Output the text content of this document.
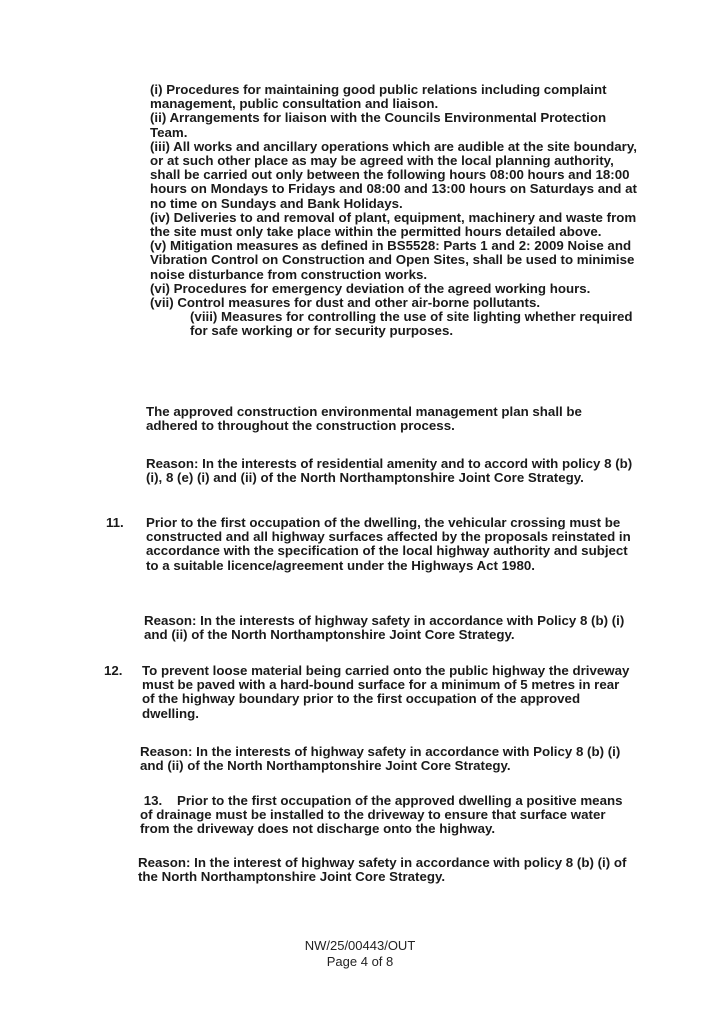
(i) Procedures for maintaining good public relations including complaint management, public consultation and liaison.

(ii) Arrangements for liaison with the Councils Environmental Protection Team.

(iii) All works and ancillary operations which are audible at the site boundary, or at such other place as may be agreed with the local planning authority, shall be carried out only between the following hours 08:00 hours and 18:00 hours on Mondays to Fridays and 08:00 and 13:00 hours on Saturdays and at no time on Sundays and Bank Holidays.

(iv) Deliveries to and removal of plant, equipment, machinery and waste from the site must only take place within the permitted hours detailed above.

(v) Mitigation measures as defined in BS5528: Parts 1 and 2: 2009 Noise and Vibration Control on Construction and Open Sites, shall be used to minimise noise disturbance from construction works.

(vi) Procedures for emergency deviation of the agreed working hours.

(vii) Control measures for dust and other air-borne pollutants.

(viii) Measures for controlling the use of site lighting whether required for safe working or for security purposes.

The approved construction environmental management plan shall be adhered to throughout the construction process.
Reason: In the interests of residential amenity and to accord with policy 8 (b) (i), 8 (e) (i) and (ii) of the North Northamptonshire Joint Core Strategy.
11. Prior to the first occupation of the dwelling, the vehicular crossing must be constructed and all highway surfaces affected by the proposals reinstated in accordance with the specification of the local highway authority and subject to a suitable licence/agreement under the Highways Act 1980.
Reason: In the interests of highway safety in accordance with Policy 8 (b) (i) and (ii) of the North Northamptonshire Joint Core Strategy.
12. To prevent loose material being carried onto the public highway the driveway must be paved with a hard-bound surface for a minimum of 5 metres in rear of the highway boundary prior to the first occupation of the approved dwelling.
Reason: In the interests of highway safety in accordance with Policy 8 (b) (i) and (ii) of the North Northamptonshire Joint Core Strategy.
13.    Prior to the first occupation of the approved dwelling a positive means of drainage must be installed to the driveway to ensure that surface water from the driveway does not discharge onto the highway.
Reason: In the interest of highway safety in accordance with policy 8 (b) (i) of the North Northamptonshire Joint Core Strategy.
NW/25/00443/OUT
Page 4 of 8
